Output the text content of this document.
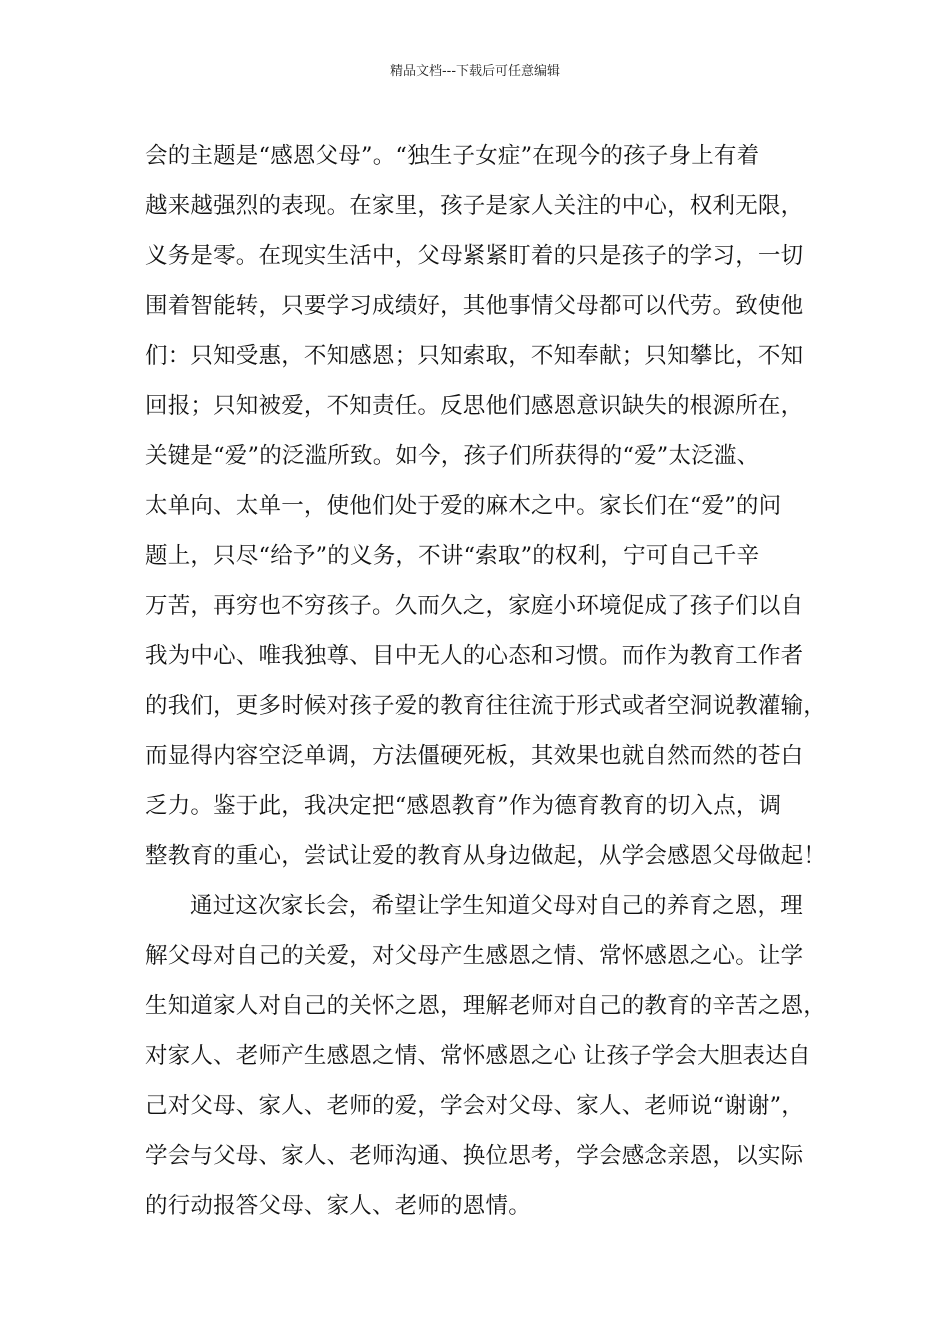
精品文档---下载后可任意编辑
会的主题是“感恩父母”。“独生子女症”在现今的孩子身上有着
越来越强烈的表现。在家里，孩子是家人关注的中心，权利无限，
义务是零。在现实生活中，父母紧紧盯着的只是孩子的学习，一切
围着智能转，只要学习成绩好，其他事情父母都可以代劳。致使他
们：只知受惠，不知感恩；只知索取，不知奉献；只知攀比，不知
回报；只知被爱，不知责任。反思他们感恩意识缺失的根源所在，
关键是“爱”的泛滥所致。如今，孩子们所获得的“爱”太泛滥、
太单向、太单一，使他们处于爱的麻木之中。家长们在“爱”的问
题上，只尽“给予”的义务，不讲“索取”的权利，宁可自己千辛
万苦，再穷也不穷孩子。久而久之，家庭小环境促成了孩子们以自
我为中心、唯我独尊、目中无人的心态和习惯。而作为教育工作者
的我们，更多时候对孩子爱的教育往往流于形式或者空洞说教灌输，
而显得内容空泛单调，方法僵硬死板，其效果也就自然而然的苍白
乏力。鉴于此，我决定把“感恩教育”作为德育教育的切入点，调
整教育的重心，尝试让爱的教育从身边做起，从学会感恩父母做起！
通过这次家长会，希望让学生知道父母对自己的养育之恩，理
解父母对自己的关爱，对父母产生感恩之情、常怀感恩之心。让学
生知道家人对自己的关怀之恩，理解老师对自己的教育的辛苦之恩，
对家人、老师产生感恩之情、常怀感恩之心 让孩子学会大胆表达自
己对父母、家人、老师的爱，学会对父母、家人、老师说“谢谢”，
学会与父母、家人、老师沟通、换位思考，学会感念亲恩，以实际
的行动报答父母、家人、老师的恩情。
